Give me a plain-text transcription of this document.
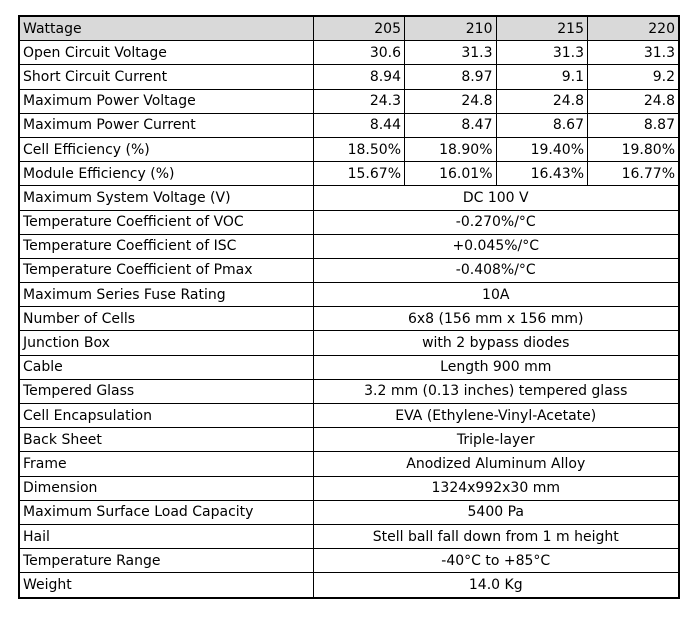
Wattage	205	210	215	220
Open Circuit Voltage	30.6	31.3	31.3	31.3
Short Circuit Current	8.94	8.97	9.1	9.2
Maximum Power Voltage	24.3	24.8	24.8	24.8
Maximum Power Current	8.44	8.47	8.67	8.87
Cell Efficiency (%)	18.50%	18.90%	19.40%	19.80%
Module Efficiency (%)	15.67%	16.01%	16.43%	16.77%
Maximum System Voltage (V)	DC 100 V			
Temperature Coefficient of VOC	-0.270%/°C			
Temperature Coefficient of ISC	+0.045%/°C			
Temperature Coefficient of Pmax	-0.408%/°C			
Maximum Series Fuse Rating	10A			
Number of Cells	6x8 (156 mm x 156 mm)			
Junction Box	with 2 bypass diodes			
Cable	Length 900 mm			
Tempered Glass	3.2 mm (0.13 inches) tempered glass			
Cell Encapsulation	EVA (Ethylene-Vinyl-Acetate)			
Back Sheet	Triple-layer			
Frame	Anodized Aluminum Alloy			
Dimension	1324x992x30 mm			
Maximum Surface Load Capacity	5400 Pa			
Hail	Stell ball fall down from 1 m height			
Temperature Range	-40°C to +85°C			
Weight	14.0 Kg			
